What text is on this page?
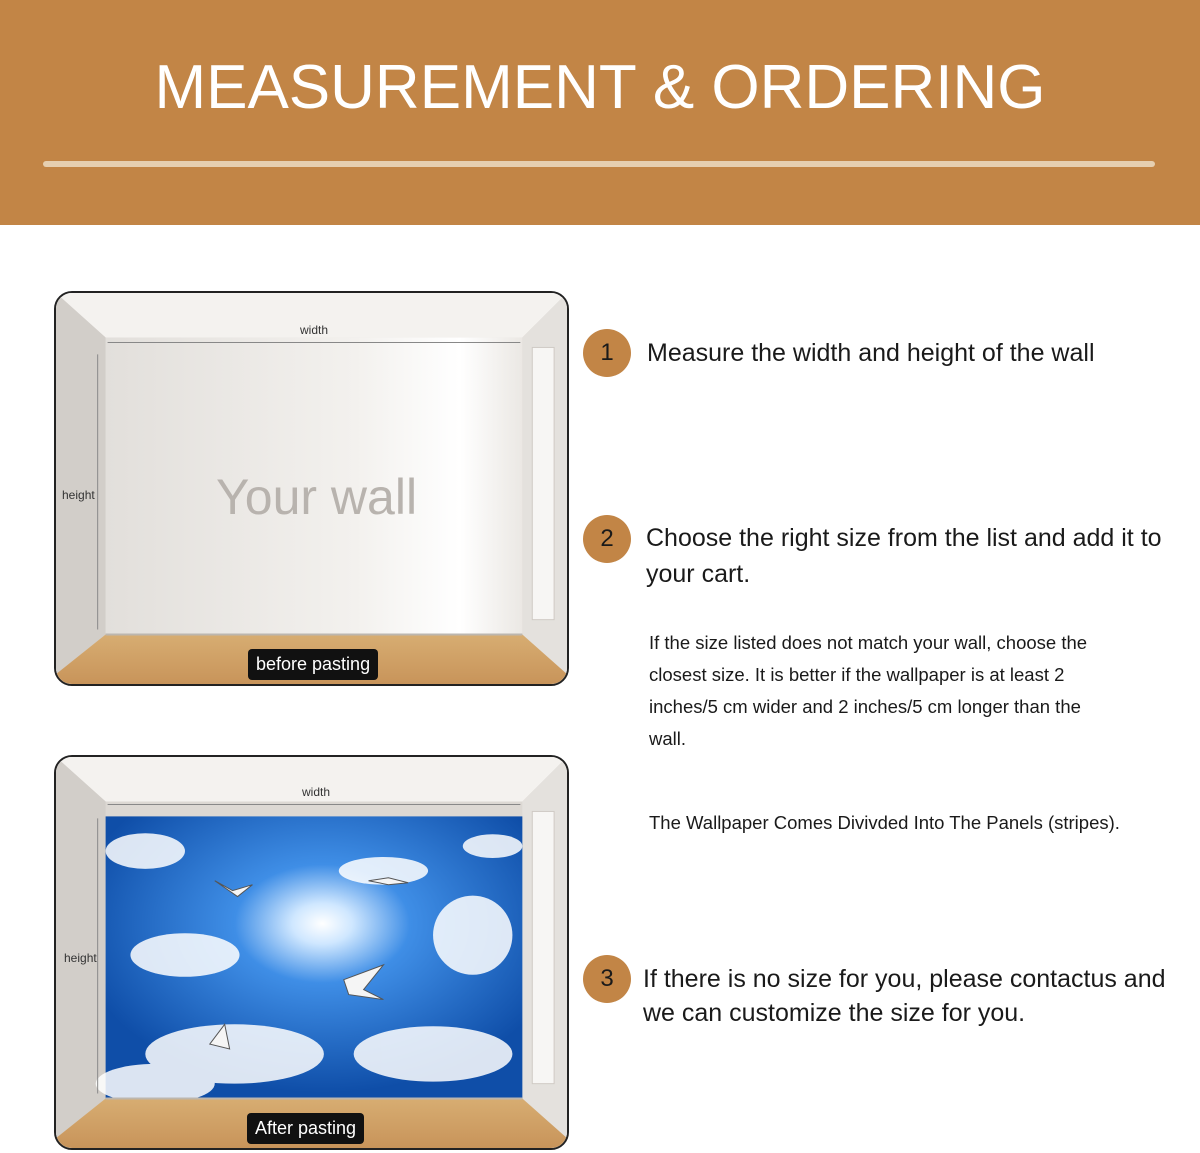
MEASUREMENT & ORDERING
width
height Your wall
before pasting
width
height
After pasting
1	Measure the width and height of the wall
2	Choose the right size from the list and add it to your cart.
If the size listed does not match your wall, choose the closest size. It is better if the wallpaper is at least 2 inches/5 cm wider and 2 inches/5 cm longer than the wall.
The Wallpaper Comes Divivded Into The Panels (stripes).
3	If there is no size for you, please contactus and we can customize the size for you.
